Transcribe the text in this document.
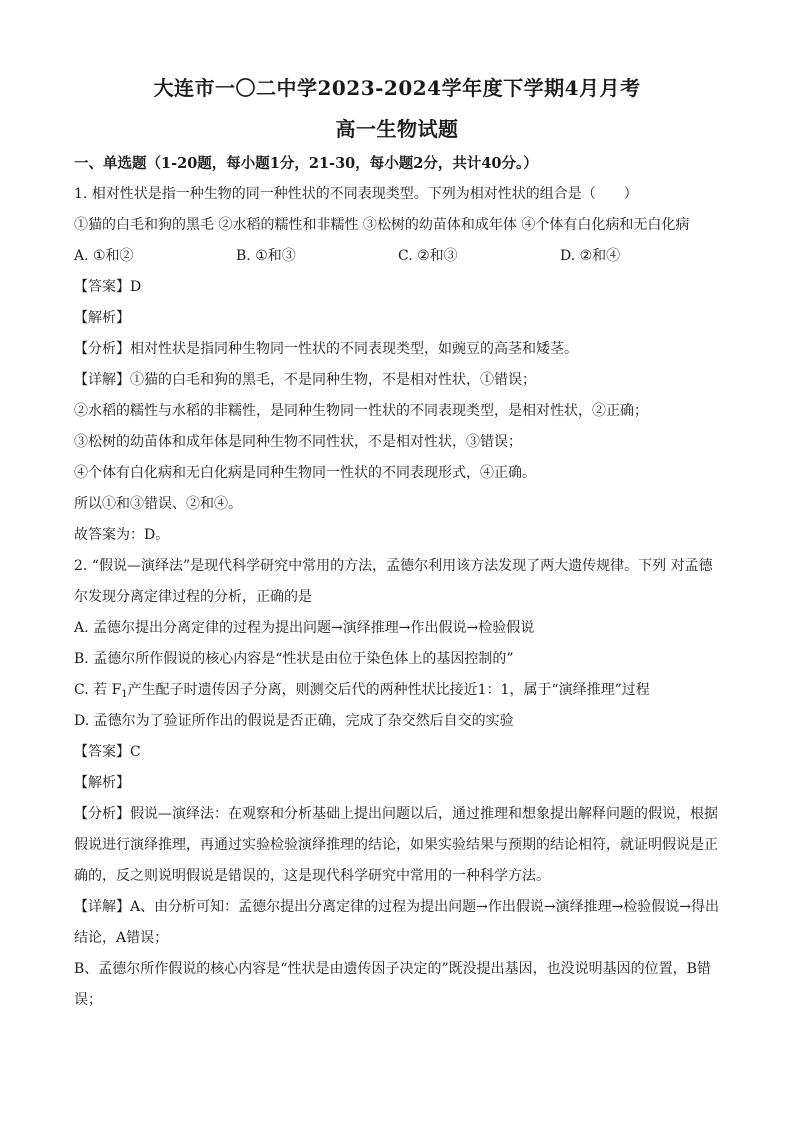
大连市一〇二中学2023-2024学年度下学期4月月考
高一生物试题
一、单选题（1-20题，每小题1分，21-30，每小题2分，共计40分。）
1. 相对性状是指一种生物的同一种性状的不同表现类型。下列为相对性状的组合是（　　）
①猫的白毛和狗的黑毛 ②水稻的糯性和非糯性 ③松树的幼苗体和成年体 ④个体有白化病和无白化病
A. ①和②	B. ①和③	C. ②和③	D. ②和④
【答案】D
【解析】
【分析】相对性状是指同种生物同一性状的不同表现类型，如豌豆的高茎和矮茎。
【详解】①猫的白毛和狗的黑毛，不是同种生物，不是相对性状，①错误；
②水稻的糯性与水稻的非糯性，是同种生物同一性状的不同表现类型，是相对性状，②正确；
③松树的幼苗体和成年体是同种生物不同性状，不是相对性状，③错误；
④个体有白化病和无白化病是同种生物同一性状的不同表现形式，④正确。
所以①和③错误、②和④。
故答案为：D。
2. “假说—演绎法”是现代科学研究中常用的方法，孟德尔利用该方法发现了两大遗传规律。下列 对孟德
尔发现分离定律过程的分析，正确的是
A. 孟德尔提出分离定律的过程为提出问题→演绎推理→作出假说→检验假说
B. 孟德尔所作假说的核心内容是“性状是由位于染色体上的基因控制的”
C. 若 $F_1$产生配子时遗传因子分离，则测交后代的两种性状比接近1：1，属于“演绎推理”过程
D. 孟德尔为了验证所作出的假说是否正确，完成了杂交然后自交的实验
【答案】C
【解析】
【分析】假说—演绎法：在观察和分析基础上提出问题以后，通过推理和想象提出解释问题的假说，根据
假说进行演绎推理，再通过实验检验演绎推理的结论，如果实验结果与预期的结论相符，就证明假说是正
确的，反之则说明假说是错误的，这是现代科学研究中常用的一种科学方法。
【详解】A、由分析可知：孟德尔提出分离定律的过程为提出问题→作出假说→演绎推理→检验假说→得出
结论，A错误；
B、孟德尔所作假说的核心内容是“性状是由遗传因子决定的”既没提出基因，也没说明基因的位置，B错
误；
